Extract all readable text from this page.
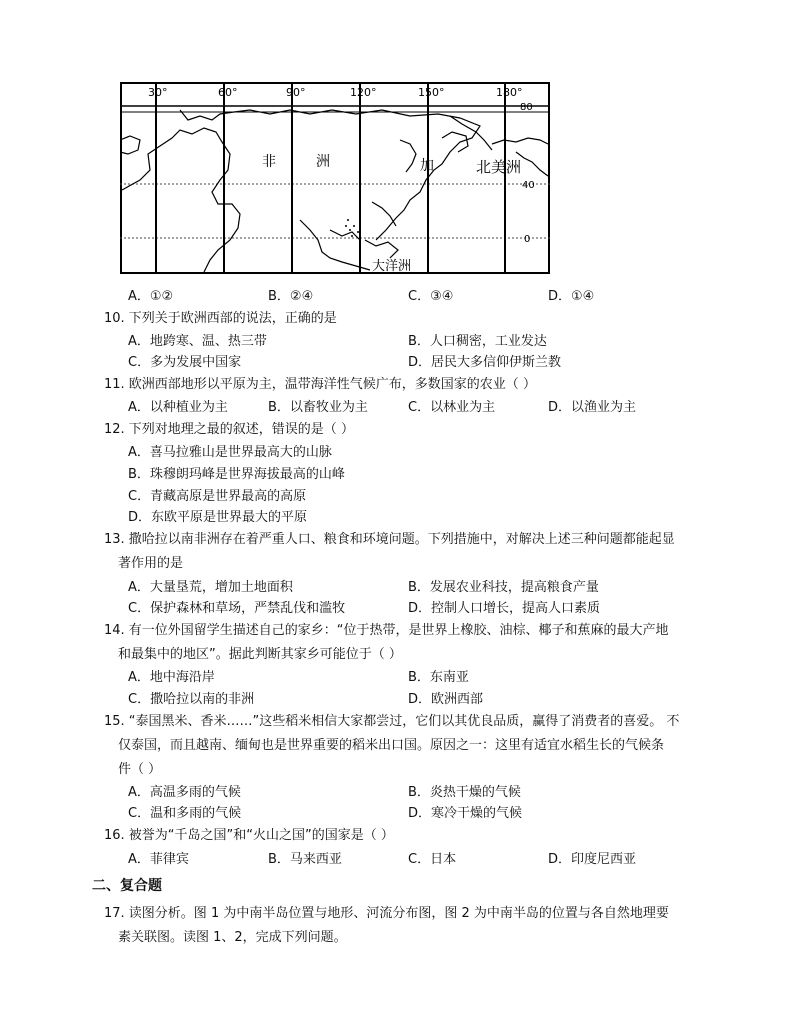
30°	60°	90°	120°	150°	180°
80
40
0
非	洲	加	北美洲
大洋洲
A．①②	B．②④	C．③④	D．①④
10. 下列关于欧洲西部的说法，正确的是
A．地跨寒、温、热三带	B．人口稠密，工业发达
C．多为发展中国家	D．居民大多信仰伊斯兰教
11. 欧洲西部地形以平原为主，温带海洋性气候广布，多数国家的农业（ ）
A．以种植业为主	B．以畜牧业为主	C．以林业为主	D．以渔业为主
12. 下列对地理之最的叙述，错误的是（ ）
A．喜马拉雅山是世界最高大的山脉
B．珠穆朗玛峰是世界海拔最高的山峰
C．青藏高原是世界最高的高原
D．东欧平原是世界最大的平原
13. 撒哈拉以南非洲存在着严重人口、粮食和环境问题。下列措施中，对解决上述三种问题都能起显
著作用的是
A．大量垦荒，增加土地面积	B．发展农业科技，提高粮食产量
C．保护森林和草场，严禁乱伐和滥牧	D．控制人口增长，提高人口素质
14. 有一位外国留学生描述自己的家乡：“位于热带，是世界上橡胶、油棕、椰子和蕉麻的最大产地
和最集中的地区”。据此判断其家乡可能位于（ ）
A．地中海沿岸	B．东南亚
C．撒哈拉以南的非洲	D．欧洲西部
15. “泰国黑米、香米……”这些稻米相信大家都尝过，它们以其优良品质，赢得了消费者的喜爱。 不
仅泰国，而且越南、缅甸也是世界重要的稻米出口国。原因之一：这里有适宜水稻生长的气候条
件（ ）
A．高温多雨的气候	B．炎热干燥的气候
C．温和多雨的气候	D．寒冷干燥的气候
16. 被誉为“千岛之国”和“火山之国”的国家是（ ）
A．菲律宾	B．马来西亚	C．日本	D．印度尼西亚
二、复合题
17. 读图分析。图 1 为中南半岛位置与地形、河流分布图，图 2 为中南半岛的位置与各自然地理要
素关联图。读图 1、2，完成下列问题。
